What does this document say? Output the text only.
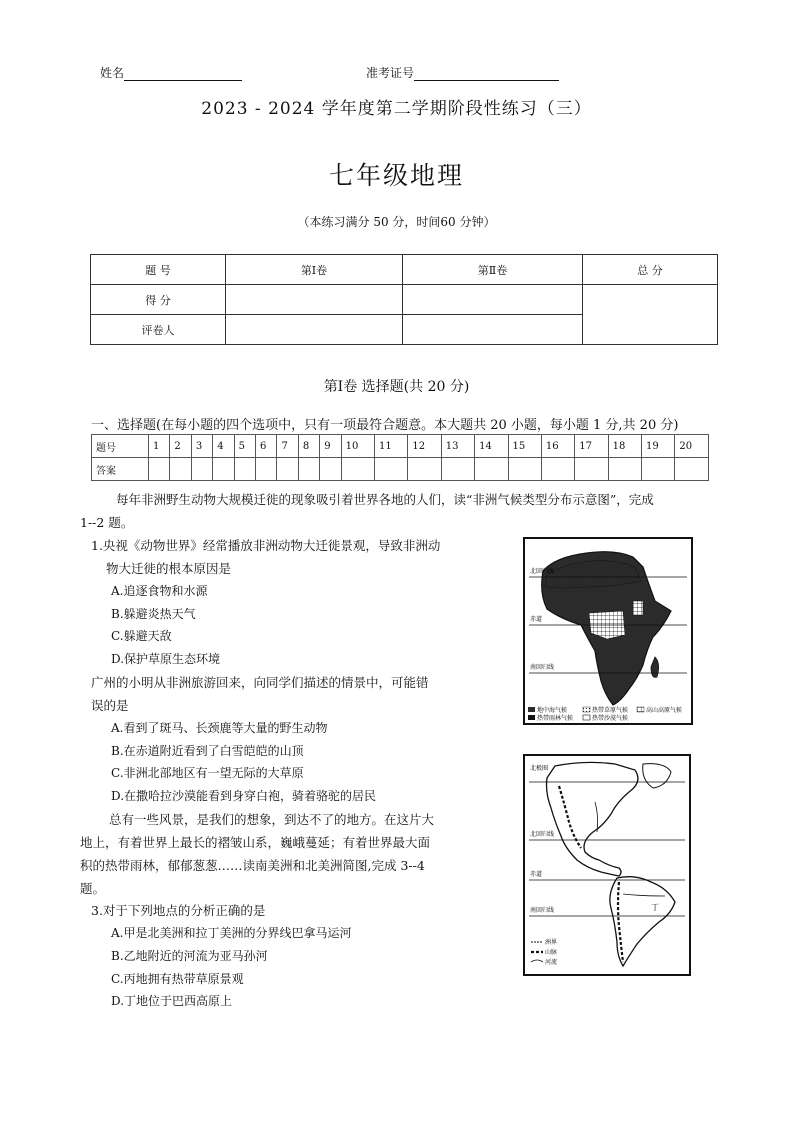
姓名	准考证号
2023 - 2024 学年度第二学期阶段性练习（三）
七年级地理
（本练习满分 50 分，时间60 分钟）
题 号	第Ⅰ卷	第Ⅱ卷	总 分
得 分			
评卷人			
第Ⅰ卷 选择题(共 20 分)
一、选择题(在每小题的四个选项中，只有一项最符合题意。本大题共 20 小题，每小题 1 分,共 20 分)
题号	1	2	3	4	5	6	7	8	9	10	11	12	13	14	15	16	17	18	19	20
答案																				
每年非洲野生动物大规模迁徙的现象吸引着世界各地的人们，读“非洲气候类型分布示意图”，完成
1--2 题。
1.央视《动物世界》经常播放非洲动物大迁徙景观，导致非洲动
物大迁徙的根本原因是
A.追逐食物和水源
B.躲避炎热天气
C.躲避天敌
D.保护草原生态环境
广州的小明从非洲旅游回来，向同学们描述的情景中，可能错
误的是
A.看到了斑马、长颈鹿等大量的野生动物
B.在赤道附近看到了白雪皑皑的山顶
C.非洲北部地区有一望无际的大草原
D.在撒哈拉沙漠能看到身穿白袍，骑着骆驼的居民
总有一些风景，是我们的想象，到达不了的地方。在这片大
地上，有着世界上最长的褶皱山系，巍峨蔓延；有着世界最大面
积的热带雨林，郁郁葱葱……读南美洲和北美洲简图,完成 3--4
题。
3.对于下列地点的分析正确的是
A.甲是北美洲和拉丁美洲的分界线巴拿马运河
B.乙地附近的河流为亚马孙河
C.丙地拥有热带草原景观
D.丁地位于巴西高原上
北回归线
赤道
南回归线
地中海气候	热带草原气候	高山高原气候
热带雨林气候	热带沙漠气候
北极圈
北回归线
赤道
南回归线	丁
洲界
山脉
河流
